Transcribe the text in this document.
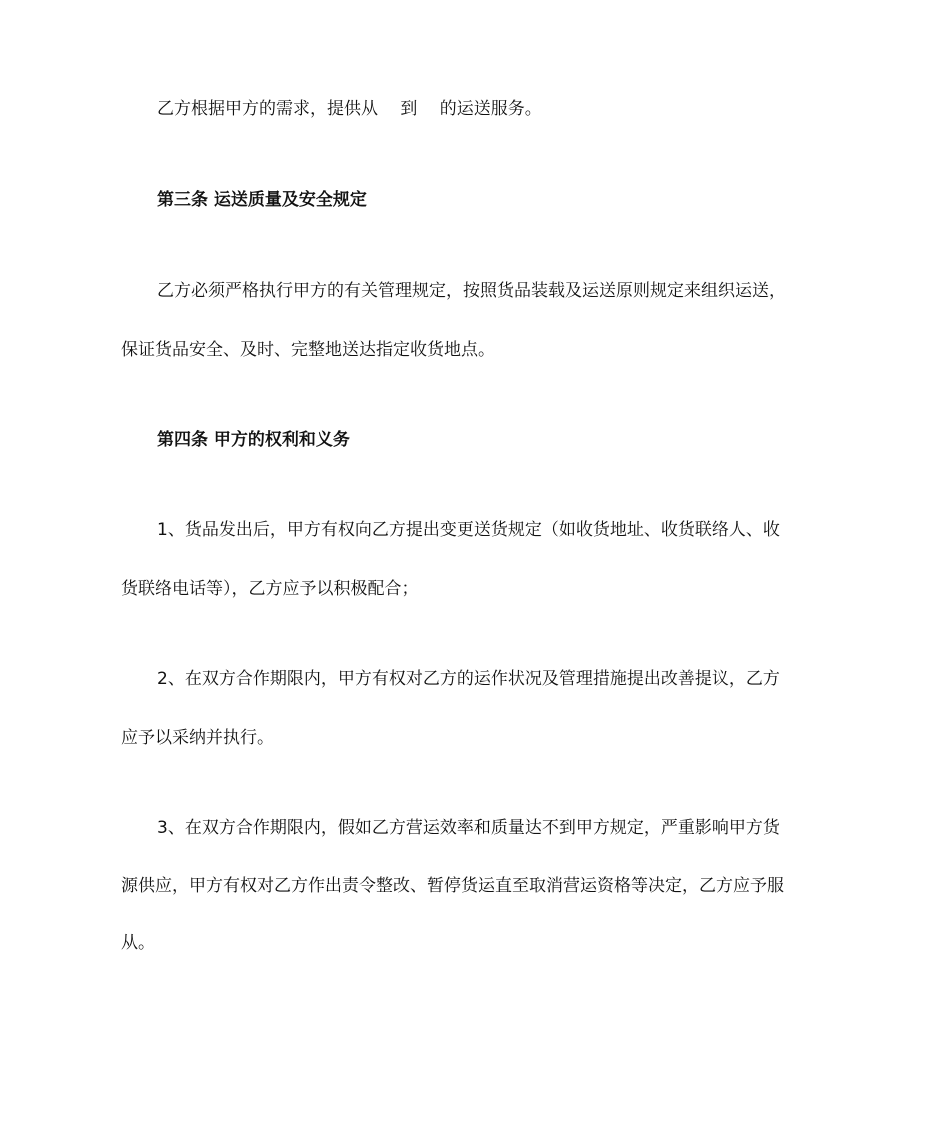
乙方根据甲方的需求，提供从　 到　 的运送服务。
第三条 运送质量及安全规定
乙方必须严格执行甲方的有关管理规定，按照货品装载及运送原则规定来组织运送，
保证货品安全、及时、完整地送达指定收货地点。
第四条 甲方的权利和义务
1、货品发出后，甲方有权向乙方提出变更送货规定（如收货地址、收货联络人、收
货联络电话等），乙方应予以积极配合；
2、在双方合作期限内，甲方有权对乙方的运作状况及管理措施提出改善提议，乙方
应予以采纳并执行。
3、在双方合作期限内，假如乙方营运效率和质量达不到甲方规定，严重影响甲方货
源供应，甲方有权对乙方作出责令整改、暂停货运直至取消营运资格等决定，乙方应予服
从。
